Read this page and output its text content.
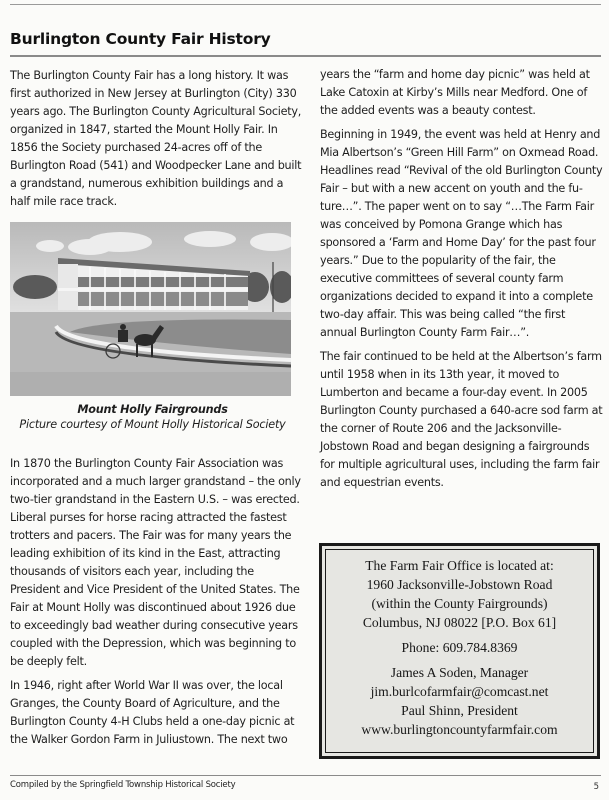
Burlington County Fair History

The Burlington County Fair has a long history. It was first authorized in New Jersey at Burlington (City) 330 years ago. The Burlington County Agricultural Society, organized in 1847, started the Mount Holly Fair. In 1856 the Society purchased 24-acres off of the Burlington Road (541) and Woodpecker Lane and built a grandstand, numerous exhibition buildings and a half mile race track.

Mount Holly Fairgrounds
Picture courtesy of Mount Holly Historical Society

In 1870 the Burlington County Fair Association was incorporated and a much larger grandstand – the only two-tier grandstand in the Eastern U.S. – was erected. Liberal purses for horse racing attracted the fastest trotters and pacers. The Fair was for many years the leading exhibition of its kind in the East, attracting thousands of visitors each year, including the President and Vice President of the United States. The Fair at Mount Holly was discontinued about 1926 due to exceedingly bad weather during consecutive years coupled with the Depression, which was beginning to be deeply felt.

In 1946, right after World War II was over, the local Granges, the County Board of Agriculture, and the Burlington County 4-H Clubs held a one-day picnic at the Walker Gordon Farm in Juliustown. The next two

years the “farm and home day picnic” was held at Lake Catoxin at Kirby’s Mills near Medford. One of the added events was a beauty contest.

Beginning in 1949, the event was held at Henry and Mia Albertson’s “Green Hill Farm” on Oxmead Road. Headlines read “Revival of the old Burlington County Fair – but with a new accent on youth and the fu-ture…”. The paper went on to say “…The Farm Fair was conceived by Pomona Grange which has sponsored a ‘Farm and Home Day’ for the past four years.” Due to the popularity of the fair, the executive committees of several county farm organizations decided to expand it into a complete two-day affair. This was being called “the first annual Burlington County Farm Fair…”.

The fair continued to be held at the Albertson’s farm until 1958 when in its 13th year, it moved to Lumberton and became a four-day event. In 2005 Burlington County purchased a 640-acre sod farm at the corner of Route 206 and the Jacksonville-Jobstown Road and began designing a fairgrounds for multiple agricultural uses, including the farm fair and equestrian events.

The Farm Fair Office is located at:
1960 Jacksonville-Jobstown Road
(within the County Fairgrounds)
Columbus, NJ 08022 [P.O. Box 61]
Phone: 609.784.8369
James A Soden, Manager
jim.burlcofarmfair@comcast.net
Paul Shinn, President
www.burlingtoncountyfarmfair.com
Compiled by the Springfield Township Historical Society	5
